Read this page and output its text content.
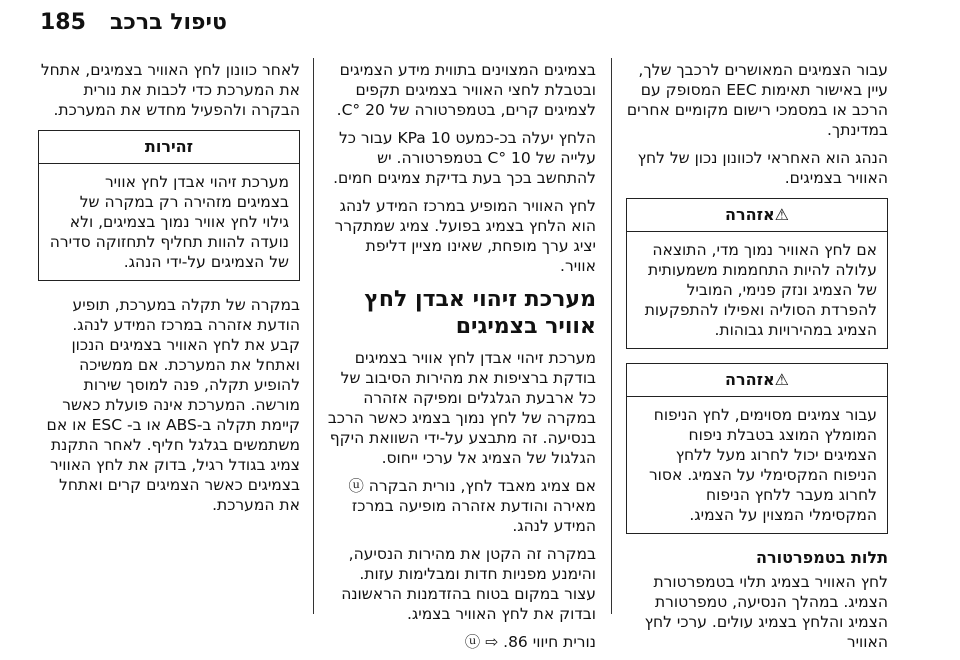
185 טיפול ברכב

עבור הצמיגים המאושרים לרכבך שלך, עיין באישור תאימות EEC המסופק עם הרכב או במסמכי רישום מקומיים אחרים במדינתך.

הנהג הוא האחראי לכוונון נכון של לחץ האוויר בצמיגים.

⚠אזהרה

אם לחץ האוויר נמוך מדי, התוצאה עלולה להיות התחממות משמעותית של הצמיג ונזק פנימי, המוביל להפרדת הסוליה ואפילו להתפקעות הצמיג במהירויות גבוהות.

⚠אזהרה

עבור צמיגים מסוימים, לחץ הניפוח המומלץ המוצג בטבלת ניפוח הצמיגים יכול לחרוג מעל ללחץ הניפוח המקסימלי על הצמיג. אסור לחרוג מעבר ללחץ הניפוח המקסימלי המצוין על הצמיג.

תלות בטמפרטורה

לחץ האוויר בצמיג תלוי בטמפרטורת הצמיג. במהלך הנסיעה, טמפרטורת הצמיג והלחץ בצמיג עולים. ערכי לחץ האוויר

בצמיגים המצוינים בתווית מידע הצמיגים ובטבלת לחצי האוויר בצמיגים תקפים לצמיגים קרים, בטמפרטורה של 20 °C.

הלחץ יעלה בכ-כמעט 10 KPa עבור כל עלייה של 10 °C בטמפרטורה. יש להתחשב בכך בעת בדיקת צמיגים חמים.

לחץ האוויר המופיע במרכז המידע לנהג הוא הלחץ בצמיג בפועל. צמיג שמתקרר יציג ערך מופחת, שאינו מציין דליפת אוויר.

מערכת זיהוי אבדן לחץ אוויר בצמיגים

מערכת זיהוי אבדן לחץ אוויר בצמיגים בודקת ברציפות את מהירות הסיבוב של כל ארבעת הגלגלים ומפיקה אזהרה במקרה של לחץ נמוך בצמיג כאשר הרכב בנסיעה. זה מתבצע על-ידי השוואת היקף הגלגול של הצמיג אל ערכי ייחוס.

אם צמיג מאבד לחץ, נורית הבקרה ⓤ מאירה והודעת אזהרה מופיעה במרכז המידע לנהג.

במקרה זה הקטן את מהירות הנסיעה, והימנע מפניות חדות ומבלימות עזות. עצור במקום בטוח בהזדמנות הראשונה ובדוק את לחץ האוויר בצמיג.

נורית חיווי ⓤ ⇨ .86

לאחר כוונון לחץ האוויר בצמיגים, אתחל את המערכת כדי לכבות את נורית הבקרה ולהפעיל מחדש את המערכת.

זהירות

מערכת זיהוי אבדן לחץ אוויר בצמיגים מזהירה רק במקרה של גילוי לחץ אוויר נמוך בצמיגים, ולא נועדה להוות תחליף לתחזוקה סדירה של הצמיגים על-ידי הנהג.

במקרה של תקלה במערכת, תופיע הודעת אזהרה במרכז המידע לנהג. קבע את לחץ האוויר בצמיגים הנכון ואתחל את המערכת. אם ממשיכה להופיע תקלה, פנה למוסך שירות מורשה. המערכת אינה פועלת כאשר קיימת תקלה ב-ABS או ב- ESC או אם משתמשים בגלגל חליף. לאחר התקנת צמיג בגודל רגיל, בדוק את לחץ האוויר בצמיגים כאשר הצמיגים קרים ואתחל את המערכת.
